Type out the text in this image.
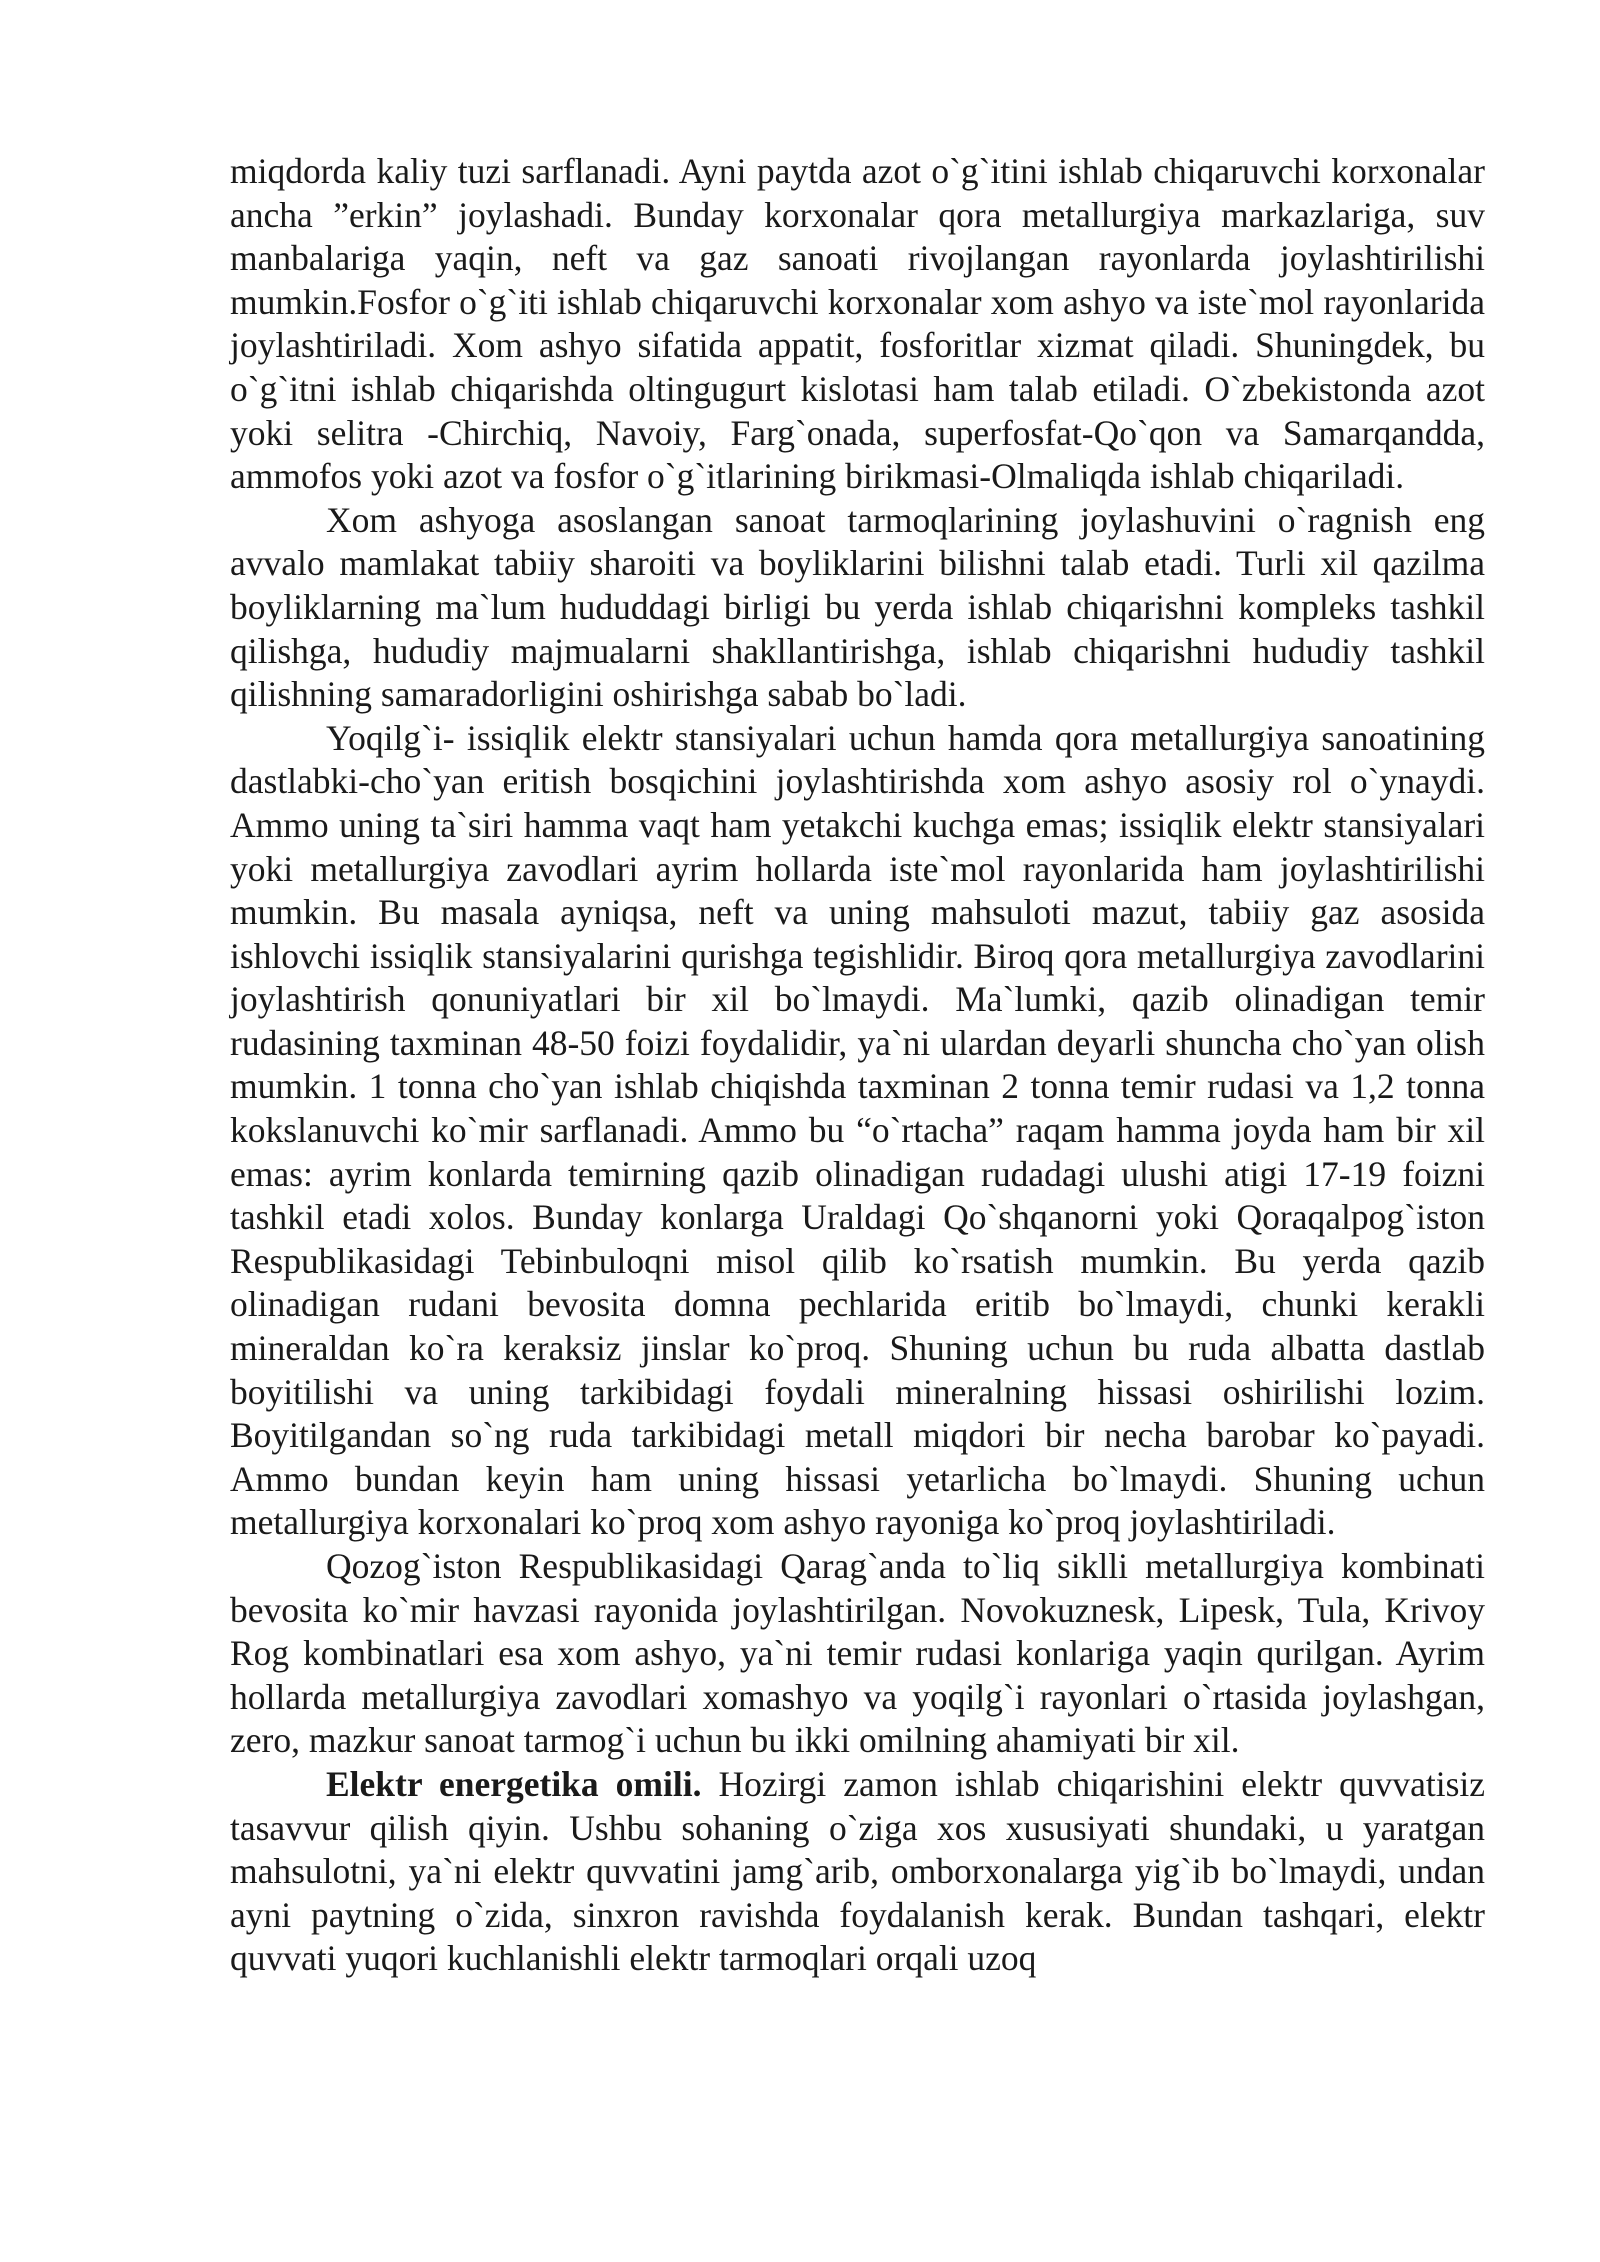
miqdorda kaliy tuzi sarflanadi. Ayni paytda azot o`g`itini ishlab chiqaruvchi korxonalar ancha ”erkin” joylashadi. Bunday korxonalar qora metallurgiya markazlariga, suv manbalariga yaqin, neft va gaz sanoati rivojlangan rayonlarda joylashtirilishi mumkin.Fosfor o`g`iti ishlab chiqaruvchi korxonalar xom ashyo va iste`mol rayonlarida joylashtiriladi. Xom ashyo sifatida appatit, fosforitlar xizmat qiladi. Shuningdek, bu o`g`itni ishlab chiqarishda oltingugurt kislotasi ham talab etiladi. O`zbekistonda azot yoki selitra -Chirchiq, Navoiy, Farg`onada, superfosfat-Qo`qon va Samarqandda, ammofos yoki azot va fosfor o`g`itlarining birikmasi-Olmaliqda ishlab chiqariladi.

Xom ashyoga asoslangan sanoat tarmoqlarining joylashuvini o`ragnish eng avvalo mamlakat tabiiy sharoiti va boyliklarini bilishni talab etadi. Turli xil qazilma boyliklarning ma`lum hududdagi birligi bu yerda ishlab chiqarishni kompleks tashkil qilishga, hududiy majmualarni shakllantirishga, ishlab chiqarishni hududiy tashkil qilishning samaradorligini oshirishga sabab bo`ladi.

Yoqilg`i- issiqlik elektr stansiyalari uchun hamda qora metallurgiya sanoatining dastlabki-cho`yan eritish bosqichini joylashtirishda xom ashyo asosiy rol o`ynaydi. Ammo uning ta`siri hamma vaqt ham yetakchi kuchga emas; issiqlik elektr stansiyalari yoki metallurgiya zavodlari ayrim hollarda iste`mol rayonlarida ham joylashtirilishi mumkin. Bu masala ayniqsa, neft va uning mahsuloti mazut, tabiiy gaz asosida ishlovchi issiqlik stansiyalarini qurishga tegishlidir. Biroq qora metallurgiya zavodlarini joylashtirish qonuniyatlari bir xil bo`lmaydi. Ma`lumki, qazib olinadigan temir rudasining taxminan 48-50 foizi foydalidir, ya`ni ulardan deyarli shuncha cho`yan olish mumkin. 1 tonna cho`yan ishlab chiqishda taxminan 2 tonna temir rudasi va 1,2 tonna kokslanuvchi ko`mir sarflanadi. Ammo bu “o`rtacha” raqam hamma joyda ham bir xil emas: ayrim konlarda temirning qazib olinadigan rudadagi ulushi atigi 17-19 foizni tashkil etadi xolos. Bunday konlarga Uraldagi Qo`shqanorni yoki Qoraqalpog`iston Respublikasidagi Tebinbuloqni misol qilib ko`rsatish mumkin. Bu yerda qazib olinadigan rudani bevosita domna pechlarida eritib bo`lmaydi, chunki kerakli mineraldan ko`ra keraksiz jinslar ko`proq. Shuning uchun bu ruda albatta dastlab boyitilishi va uning tarkibidagi foydali mineralning hissasi oshirilishi lozim. Boyitilgandan so`ng ruda tarkibidagi metall miqdori bir necha barobar ko`payadi. Ammo bundan keyin ham uning hissasi yetarlicha bo`lmaydi. Shuning uchun metallurgiya korxonalari ko`proq xom ashyo rayoniga ko`proq joylashtiriladi.

Qozog`iston Respublikasidagi Qarag`anda to`liq siklli metallurgiya kombinati bevosita ko`mir havzasi rayonida joylashtirilgan. Novokuznesk, Lipesk, Tula, Krivoy Rog kombinatlari esa xom ashyo, ya`ni temir rudasi konlariga yaqin qurilgan. Ayrim hollarda metallurgiya zavodlari xomashyo va yoqilg`i rayonlari o`rtasida joylashgan, zero, mazkur sanoat tarmog`i uchun bu ikki omilning ahamiyati bir xil.

Elektr energetika omili. Hozirgi zamon ishlab chiqarishini elektr quvvatisiz tasavvur qilish qiyin. Ushbu sohaning o`ziga xos xususiyati shundaki, u yaratgan mahsulotni, ya`ni elektr quvvatini jamg`arib, omborxonalarga yig`ib bo`lmaydi, undan ayni paytning o`zida, sinxron ravishda foydalanish kerak. Bundan tashqari, elektr quvvati yuqori kuchlanishli elektr tarmoqlari orqali uzoq
